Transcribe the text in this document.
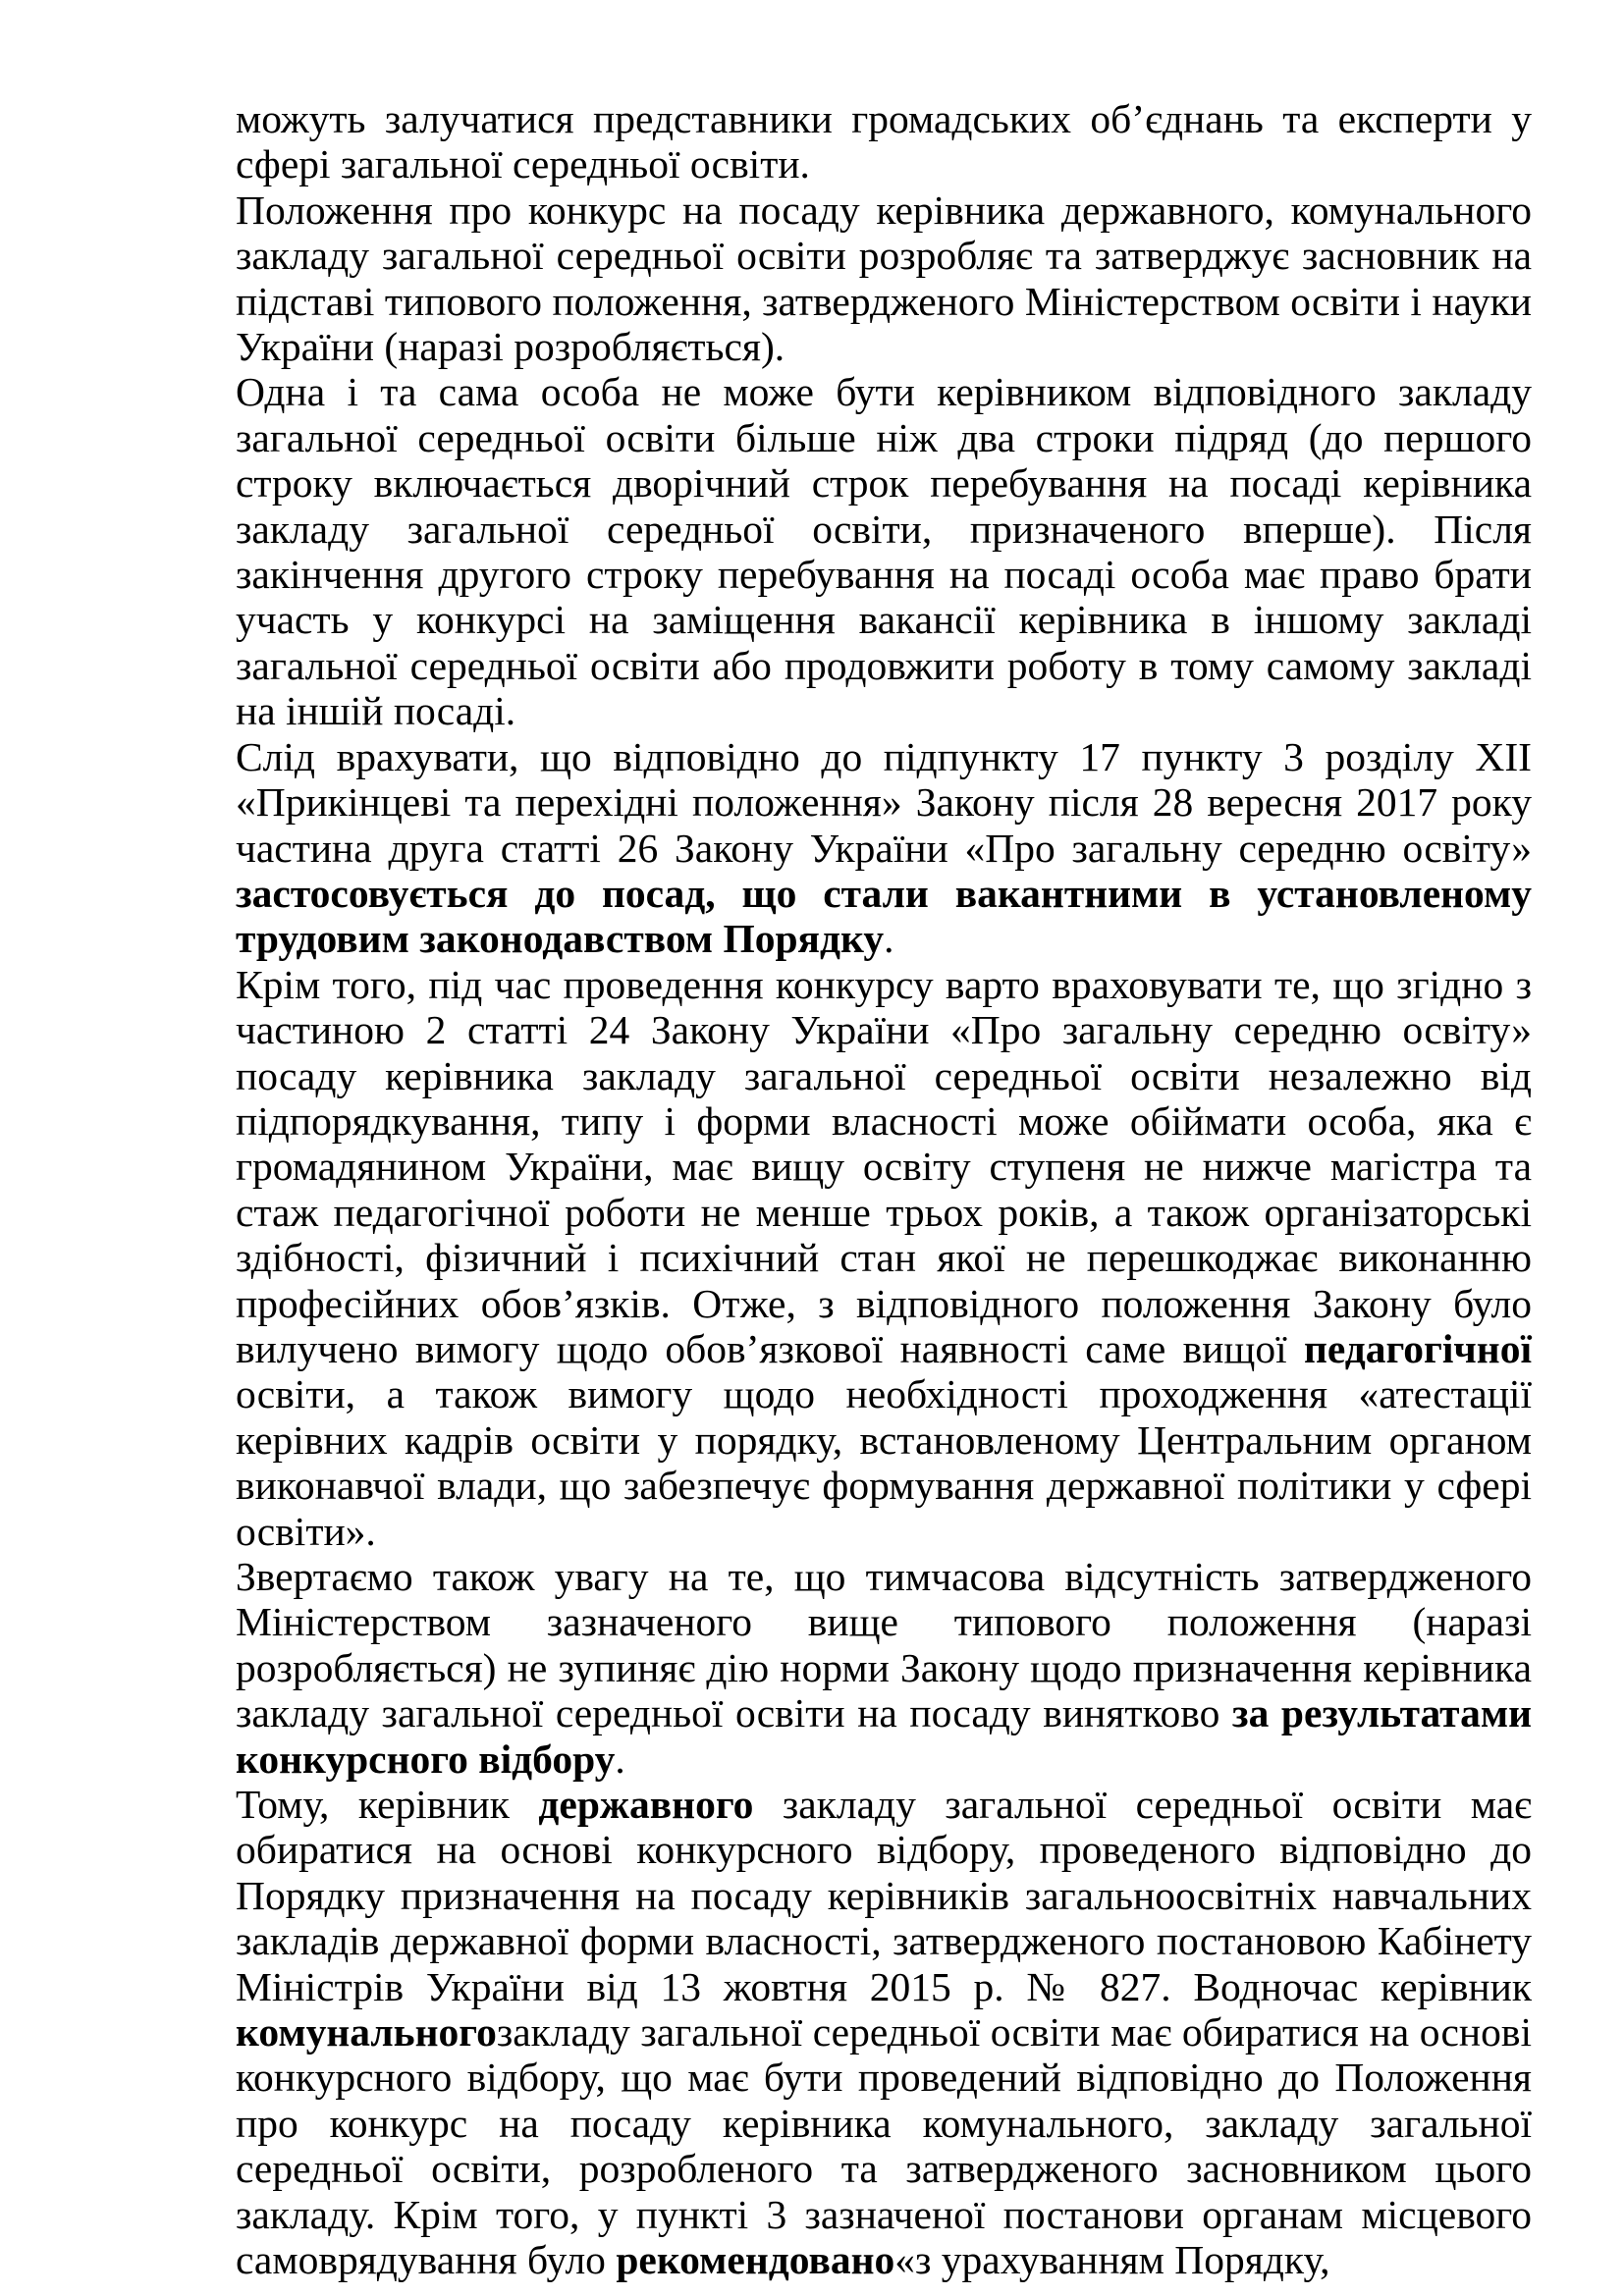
можуть залучатися представники громадських об’єднань та експерти у сфері загальної середньої освіти.

Положення про конкурс на посаду керівника державного, комунального закладу загальної середньої освіти розробляє та затверджує засновник на підставі типового положення, затвердженого Міністерством освіти і науки України (наразі розробляється).

Одна і та сама особа не може бути керівником відповідного закладу загальної середньої освіти більше ніж два строки підряд (до першого строку включається дворічний строк перебування на посаді керівника закладу загальної середньої освіти, призначеного вперше). Після закінчення другого строку перебування на посаді особа має право брати участь у конкурсі на заміщення вакансії керівника в іншому закладі загальної середньої освіти або продовжити роботу в тому самому закладі на іншій посаді.

Слід врахувати, що відповідно до підпункту 17 пункту 3 розділу XII «Прикінцеві та перехідні положення» Закону після 28 вересня 2017 року частина друга статті 26 Закону України «Про загальну середню освіту» застосовується до посад, що стали вакантними в установленому трудовим законодавством Порядку.

Крім того, під час проведення конкурсу варто враховувати те, що згідно з частиною 2 статті 24 Закону України «Про загальну середню освіту» посаду керівника закладу загальної середньої освіти незалежно від підпорядкування, типу і форми власності може обіймати особа, яка є громадянином України, має вищу освіту ступеня не нижче магістра та стаж педагогічної роботи не менше трьох років, а також організаторські здібності, фізичний і психічний стан якої не перешкоджає виконанню професійних обов’язків. Отже, з відповідного положення Закону було вилучено вимогу щодо обов’язкової наявності саме вищої педагогічної освіти, а також вимогу щодо необхідності проходження «атестації керівних кадрів освіти у порядку, встановленому Центральним органом виконавчої влади, що забезпечує формування державної політики у сфері освіти».

Звертаємо також увагу на те, що тимчасова відсутність затвердженого Міністерством зазначеного вище типового положення (наразі розробляється) не зупиняє дію норми Закону щодо призначення керівника закладу загальної середньої освіти на посаду винятково за результатами конкурсного відбору.

Тому, керівник державного закладу загальної середньої освіти має обиратися на основі конкурсного відбору, проведеного відповідно до Порядку призначення на посаду керівників загальноосвітніх навчальних закладів державної форми власності, затвердженого постановою Кабінету Міністрів України від 13 жовтня 2015 р. № 827. Водночас керівник комунальногозакладу загальної середньої освіти має обиратися на основі конкурсного відбору, що має бути проведений відповідно до Положення про конкурс на посаду керівника комунального, закладу загальної середньої освіти, розробленого та затвердженого засновником цього закладу. Крім того, у пункті 3 зазначеної постанови органам місцевого самоврядування було рекомендовано«з урахуванням Порядку,
